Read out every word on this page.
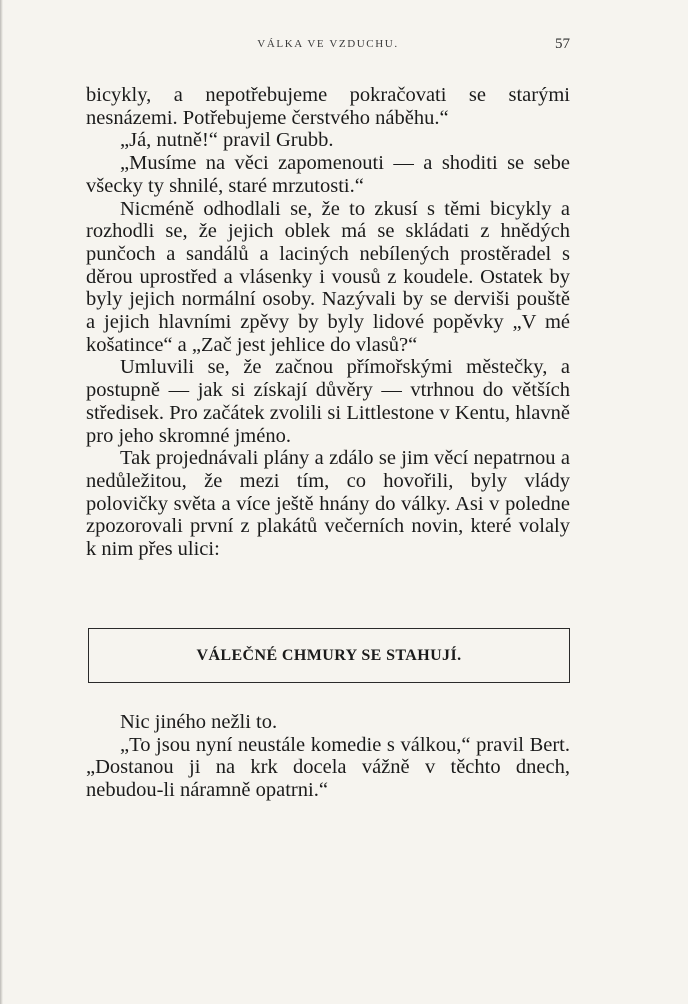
VÁLKA VE VZDUCHU.	57

bicykly, a nepotřebujeme pokračovati se starými nesnázemi. Potřebujeme čerstvého náběhu.“

„Já, nutně!“ pravil Grubb.

„Musíme na věci zapomenouti — a shoditi se sebe všecky ty shnilé, staré mrzutosti.“

Nicméně odhodlali se, že to zkusí s těmi bicykly a rozhodli se, že jejich oblek má se skládati z hnědých punčoch a sandálů a laciných nebílených prostěradel s děrou uprostřed a vlásenky i vousů z koudele. Ostatek by byly jejich normální osoby. Nazývali by se derviši pouště a jejich hlavními zpěvy by byly lidové popěvky „V mé košatince“ a „Zač jest jehlice do vlasů?“

Umluvili se, že začnou přímořskými městečky, a postupně — jak si získají důvěry — vtrhnou do větších středisek. Pro začátek zvolili si Littlestone v Kentu, hlavně pro jeho skromné jméno.

Tak projednávali plány a zdálo se jim věcí nepatrnou a nedůležitou, že mezi tím, co hovořili, byly vlády polovičky světa a více ještě hnány do války. Asi v poledne zpozorovali první z plakátů večerních novin, které volaly k nim přes ulici:

VÁLEČNÉ CHMURY SE STAHUJÍ.

Nic jiného nežli to.

„To jsou nyní neustále komedie s válkou,“ pravil Bert. „Dostanou ji na krk docela vážně v těchto dnech, nebudou-li náramně opatrni.“
